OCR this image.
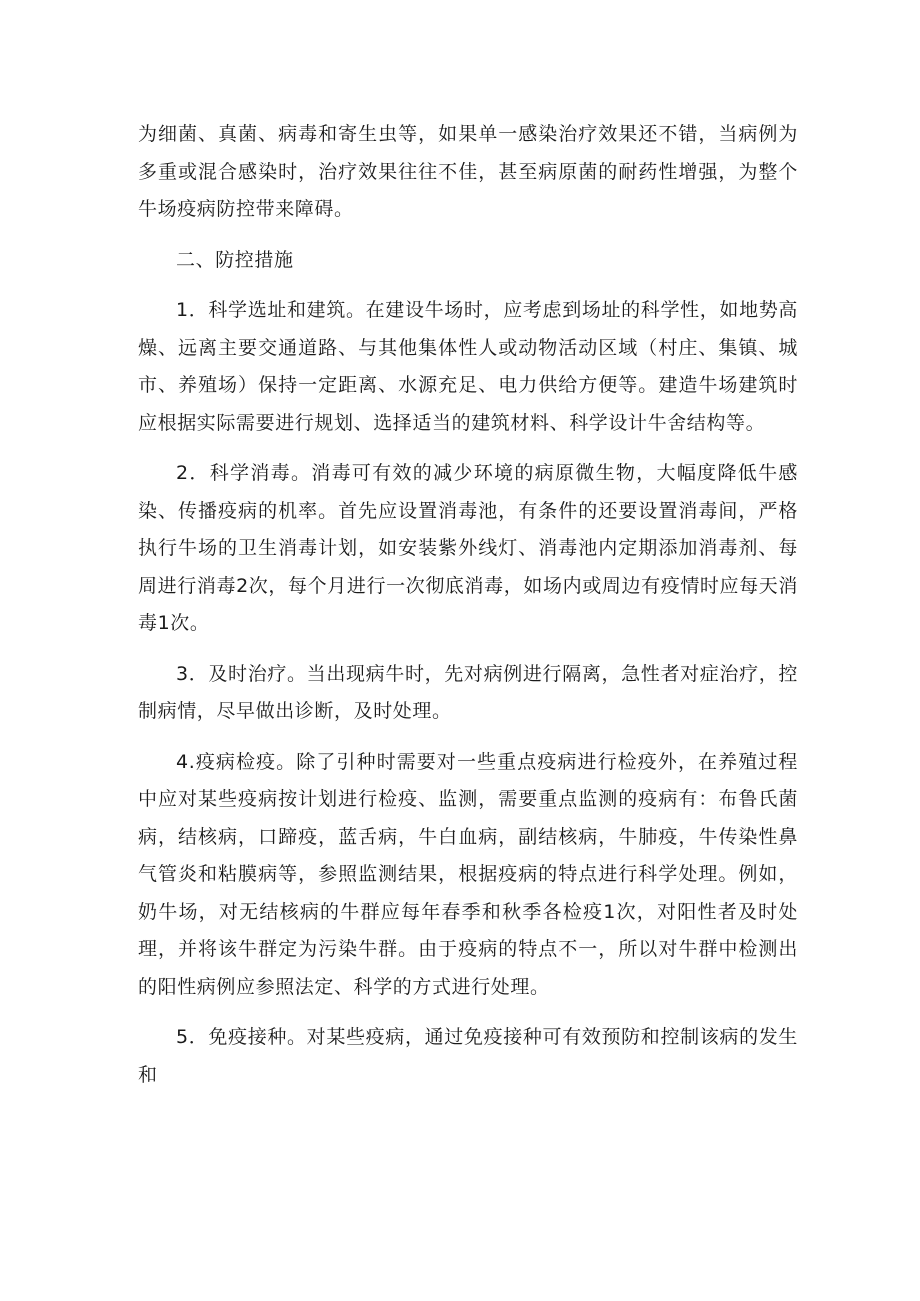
为细菌、真菌、病毒和寄生虫等，如果单一感染治疗效果还不错，当病例为多重或混合感染时，治疗效果往往不佳，甚至病原菌的耐药性增强，为整个牛场疫病防控带来障碍。

二、防控措施

1．科学选址和建筑。在建设牛场时，应考虑到场址的科学性，如地势高燥、远离主要交通道路、与其他集体性人或动物活动区域（村庄、集镇、城市、养殖场）保持一定距离、水源充足、电力供给方便等。建造牛场建筑时应根据实际需要进行规划、选择适当的建筑材料、科学设计牛舍结构等。

2．科学消毒。消毒可有效的减少环境的病原微生物，大幅度降低牛感染、传播疫病的机率。首先应设置消毒池，有条件的还要设置消毒间，严格执行牛场的卫生消毒计划，如安装紫外线灯、消毒池内定期添加消毒剂、每周进行消毒2次，每个月进行一次彻底消毒，如场内或周边有疫情时应每天消毒1次。

3．及时治疗。当出现病牛时，先对病例进行隔离，急性者对症治疗，控制病情，尽早做出诊断，及时处理。

4.疫病检疫。除了引种时需要对一些重点疫病进行检疫外，在养殖过程中应对某些疫病按计划进行检疫、监测，需要重点监测的疫病有：布鲁氏菌病，结核病，口蹄疫，蓝舌病，牛白血病，副结核病，牛肺疫，牛传染性鼻气管炎和粘膜病等，参照监测结果，根据疫病的特点进行科学处理。例如，奶牛场，对无结核病的牛群应每年春季和秋季各检疫1次，对阳性者及时处理，并将该牛群定为污染牛群。由于疫病的特点不一，所以对牛群中检测出的阳性病例应参照法定、科学的方式进行处理。

5．免疫接种。对某些疫病，通过免疫接种可有效预防和控制该病的发生和
